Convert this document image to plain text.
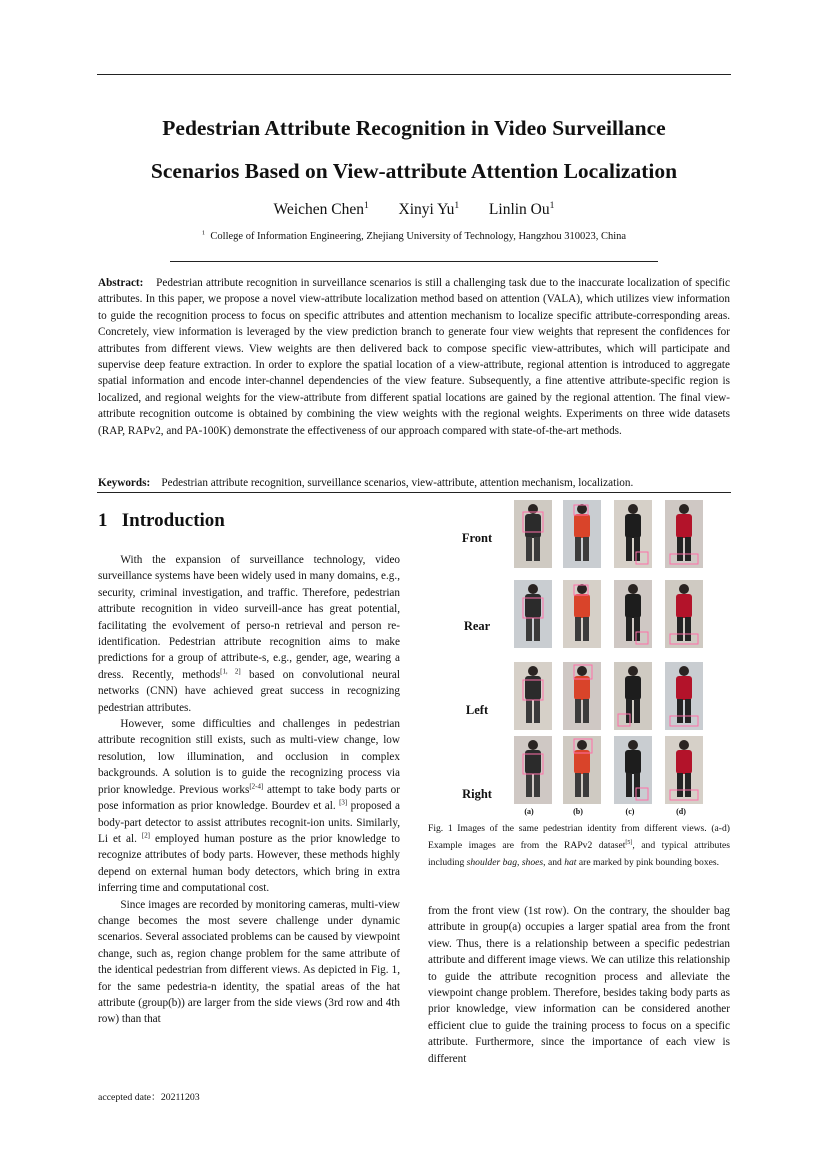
Pedestrian Attribute Recognition in Video Surveillance
Scenarios Based on View-attribute Attention Localization
Weichen Chen$^1$ Xinyi Yu$^1$ Linlin Ou$^1$
$^1$ College of Information Engineering, Zhejiang University of Technology, Hangzhou 310023, China
Abstract: Pedestrian attribute recognition in surveillance scenarios is still a challenging task due to the inaccurate localization of specific attributes. In this paper, we propose a novel view-attribute localization method based on attention (VALA), which utilizes view information to guide the recognition process to focus on specific attributes and attention mechanism to localize specific attribute-corresponding areas. Concretely, view information is leveraged by the view prediction branch to generate four view weights that represent the confidences for attributes from different views. View weights are then delivered back to compose specific view-attributes, which will participate and supervise deep feature extraction. In order to explore the spatial location of a view-attribute, regional attention is introduced to aggregate spatial information and encode inter-channel dependencies of the view feature. Subsequently, a fine attentive attribute-specific region is localized, and regional weights for the view-attribute from different spatial locations are gained by the regional attention. The final view-attribute recognition outcome is obtained by combining the view weights with the regional weights. Experiments on three wide datasets (RAP, RAPv2, and PA-100K) demonstrate the effectiveness of our approach compared with state-of-the-art methods.
Keywords: Pedestrian attribute recognition, surveillance scenarios, view-attribute, attention mechanism, localization.
1 Introduction

With the expansion of surveillance technology, video surveillance systems have been widely used in many domains, e.g., security, criminal investigation, and traffic. Therefore, pedestrian attribute recognition in video surveill-ance has great potential, facilitating the evolvement of perso-n retrieval and person re-identification. Pedestrian attribute recognition aims to make predictions for a group of attribute-s, e.g., gender, age, wearing a dress. Recently, methods[1, 2] based on convolutional neural networks (CNN) have achieved great success in recognizing pedestrian attributes.

However, some difficulties and challenges in pedestrian attribute recognition still exists, such as multi-view change, low resolution, low illumination, and occlusion in complex backgrounds. A solution is to guide the recognizing process via prior knowledge. Previous works[2-4] attempt to take body parts or pose information as prior knowledge. Bourdev et al. [3] proposed a body-part detector to assist attributes recognit-ion units. Similarly, Li et al. [2] employed human posture as the prior knowledge to recognize attributes of body parts. However, these methods highly depend on external human body detectors, which bring in extra inferring time and computational cost.

Since images are recorded by monitoring cameras, multi-view change becomes the most severe challenge under dynamic scenarios. Several associated problems can be caused by viewpoint change, such as, region change problem for the same attribute of the identical pedestrian from different views. As depicted in Fig. 1, for the same pedestria-n identity, the spatial areas of the hat attribute (group(b)) are larger from the side views (3rd row and 4th row) than that

Front
Rear
Left
Right
(a)	(b)	(c)	(d)
Fig. 1 Images of the same pedestrian identity from different views. (a-d) Example images are from the RAPv2 dataset[5], and typical attributes including shoulder bag, shoes, and hat are marked by pink bounding boxes.

from the front view (1st row). On the contrary, the shoulder bag attribute in group(a) occupies a larger spatial area from the front view. Thus, there is a relationship between a specific pedestrian attribute and different image views. We can utilize this relationship to guide the attribute recognition process and alleviate the viewpoint change problem. Therefore, besides taking body parts as prior knowledge, view information can be considered another efficient clue to guide the training process to focus on a specific attribute. Furthermore, since the importance of each view is different

accepted date：20211203
